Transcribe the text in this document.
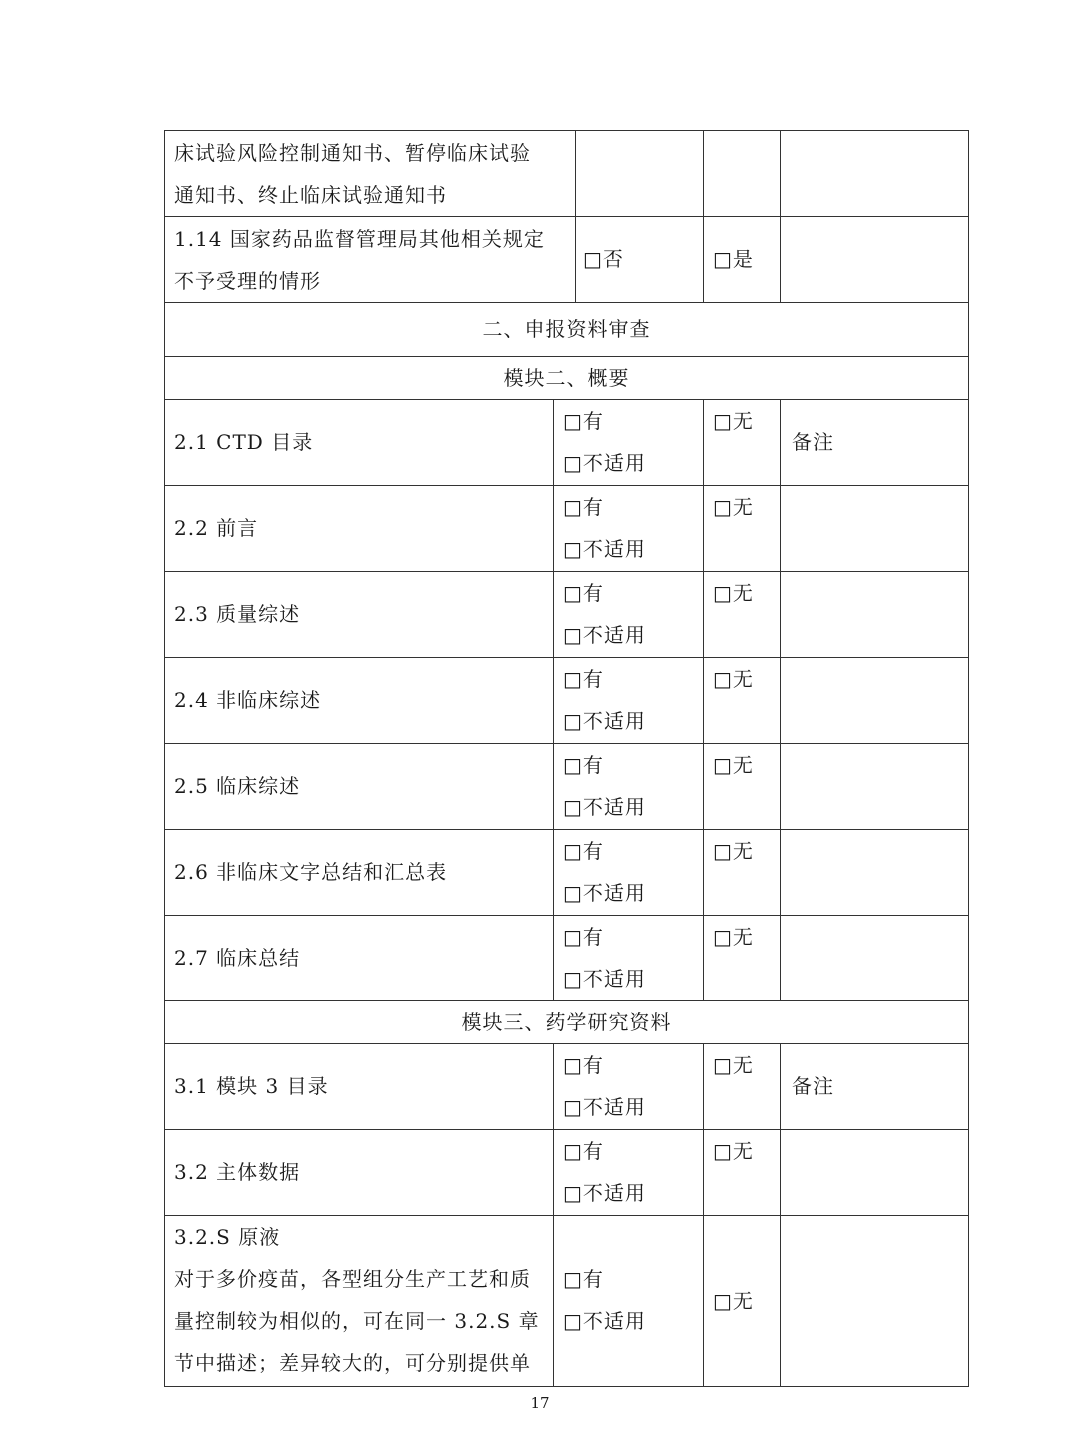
床试验风险控制通知书、暂停临床试验
通知书、终止临床试验通知书
1.14 国家药品监督管理局其他相关规定
不予受理的情形
□否	□是
二、申报资料审查
模块二、概要
2.1 CTD 目录
□有
□不适用
□无
备注
2.2 前言
□有
□不适用
□无
2.3 质量综述
□有
□不适用
□无
2.4 非临床综述
□有
□不适用
□无
2.5 临床综述
□有
□不适用
□无
2.6 非临床文字总结和汇总表
□有
□不适用
□无
2.7 临床总结
□有
□不适用
□无
模块三、药学研究资料
3.1 模块 3 目录
□有
□不适用
□无
备注
3.2 主体数据
□有
□不适用
□无
3.2.S 原液
对于多价疫苗，各型组分生产工艺和质
量控制较为相似的，可在同一 3.2.S 章
节中描述；差异较大的，可分别提供单
□有
□不适用
□无
17
